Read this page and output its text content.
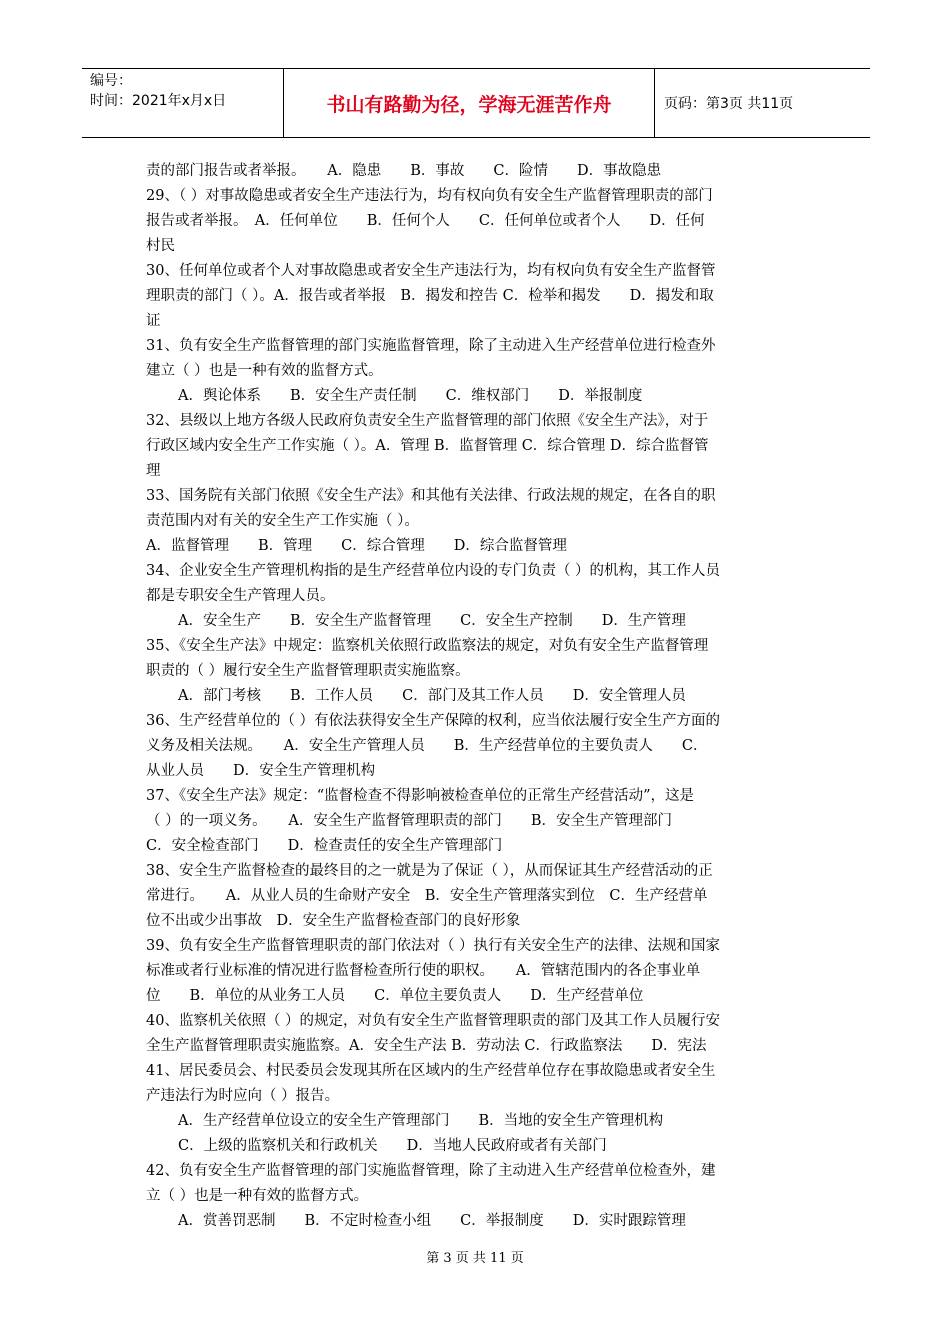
编号：
时间：2021年x月x日	书山有路勤为径，学海无涯苦作舟	页码：第3页 共11页

责的部门报告或者举报。　　A．隐患　　B．事故　　C．险情　　D．事故隐患

29、（ ）对事故隐患或者安全生产违法行为，均有权向负有安全生产监督管理职责的部门

报告或者举报。　A．任何单位　　B．任何个人　　C．任何单位或者个人　　D．任何

村民

30、任何单位或者个人对事故隐患或者安全生产违法行为，均有权向负有安全生产监督管

理职责的部门（ ）。A．报告或者举报　B．揭发和控告 C．检举和揭发　　D．揭发和取

证

31、负有安全生产监督管理的部门实施监督管理，除了主动进入生产经营单位进行检查外

建立（ ）也是一种有效的监督方式。

A．舆论体系　　B．安全生产责任制　　C．维权部门　　D．举报制度

32、县级以上地方各级人民政府负责安全生产监督管理的部门依照《安全生产法》，对于

行政区域内安全生产工作实施（ ）。A．管理 B．监督管理 C．综合管理 D．综合监督管

理

33、国务院有关部门依照《安全生产法》和其他有关法律、行政法规的规定，在各自的职

责范围内对有关的安全生产工作实施（ ）。

A．监督管理　　B．管理　　C．综合管理　　D．综合监督管理

34、企业安全生产管理机构指的是生产经营单位内设的专门负责（ ）的机构，其工作人员

都是专职安全生产管理人员。

A．安全生产　　B．安全生产监督管理　　C．安全生产控制　　D．生产管理

35、《安全生产法》中规定：监察机关依照行政监察法的规定，对负有安全生产监督管理

职责的（ ）履行安全生产监督管理职责实施监察。

A．部门考核　　B．工作人员　　C．部门及其工作人员　　D．安全管理人员

36、生产经营单位的（ ）有依法获得安全生产保障的权利，应当依法履行安全生产方面的

义务及相关法规。　　A．安全生产管理人员　　B．生产经营单位的主要负责人　　C．

从业人员　　D．安全生产管理机构

37、《安全生产法》规定：“监督检查不得影响被检查单位的正常生产经营活动”，这是

（ ）的一项义务。　　A．安全生产监督管理职责的部门　　B．安全生产管理部门

C．安全检查部门　　D．检查责任的安全生产管理部门

38、安全生产监督检查的最终目的之一就是为了保证（ ），从而保证其生产经营活动的正

常进行。　　A．从业人员的生命财产安全　B．安全生产管理落实到位　C．生产经营单

位不出或少出事故　D．安全生产监督检查部门的良好形象

39、负有安全生产监督管理职责的部门依法对（ ）执行有关安全生产的法律、法规和国家

标准或者行业标准的情况进行监督检查所行使的职权。　　A．管辖范围内的各企事业单

位　　B．单位的从业务工人员　　C．单位主要负责人　　D．生产经营单位

40、监察机关依照（ ）的规定，对负有安全生产监督管理职责的部门及其工作人员履行安

全生产监督管理职责实施监察。A．安全生产法 B．劳动法 C．行政监察法　　D．宪法

41、居民委员会、村民委员会发现其所在区域内的生产经营单位存在事故隐患或者安全生

产违法行为时应向（ ）报告。

A．生产经营单位设立的安全生产管理部门　　B．当地的安全生产管理机构

C．上级的监察机关和行政机关　　D．当地人民政府或者有关部门

42、负有安全生产监督管理的部门实施监督管理，除了主动进入生产经营单位检查外，建

立（ ）也是一种有效的监督方式。

A．赏善罚恶制　　B．不定时检查小组　　C．举报制度　　D．实时跟踪管理

第 3 页 共 11 页
